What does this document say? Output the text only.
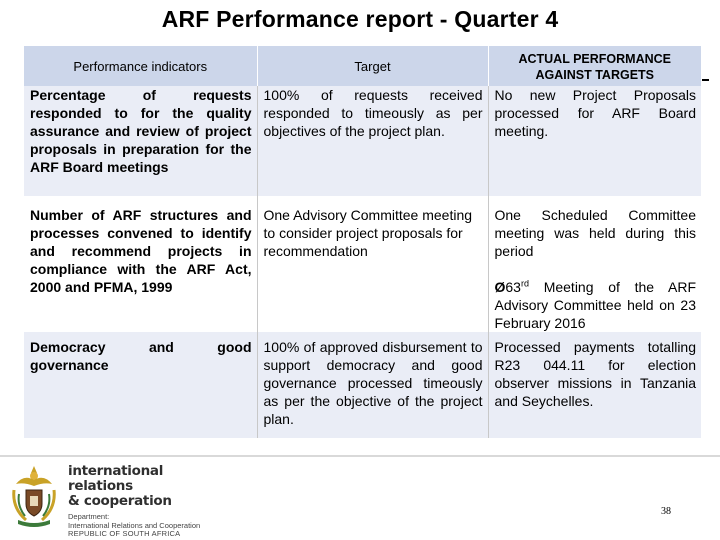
ARF Performance report - Quarter 4
Performance indicators	Target	ACTUAL PERFORMANCE AGAINST TARGETS
Percentage of requests responded to for the quality assurance and review of project proposals in preparation for the ARF Board meetings	100% of requests received responded to timeously as per objectives of the project plan.	No new Project Proposals processed for ARF Board meeting.
Number of ARF structures and processes convened to identify and recommend projects in compliance with the ARF Act, 2000 and PFMA, 1999	One Advisory Committee meeting to consider project proposals for recommendation	One Scheduled Committee meeting was held during this period
Ø63rd Meeting of the ARF Advisory Committee held on 23 February 2016

Democracy and good governance	100% of approved disbursement to support democracy and good governance processed timeously as per the objective of the project plan.	Processed payments totalling R23 044.11 for election observer missions in Tanzania and Seychelles.
international relations
& cooperation
Department:
International Relations and Cooperation
REPUBLIC OF SOUTH AFRICA
38
